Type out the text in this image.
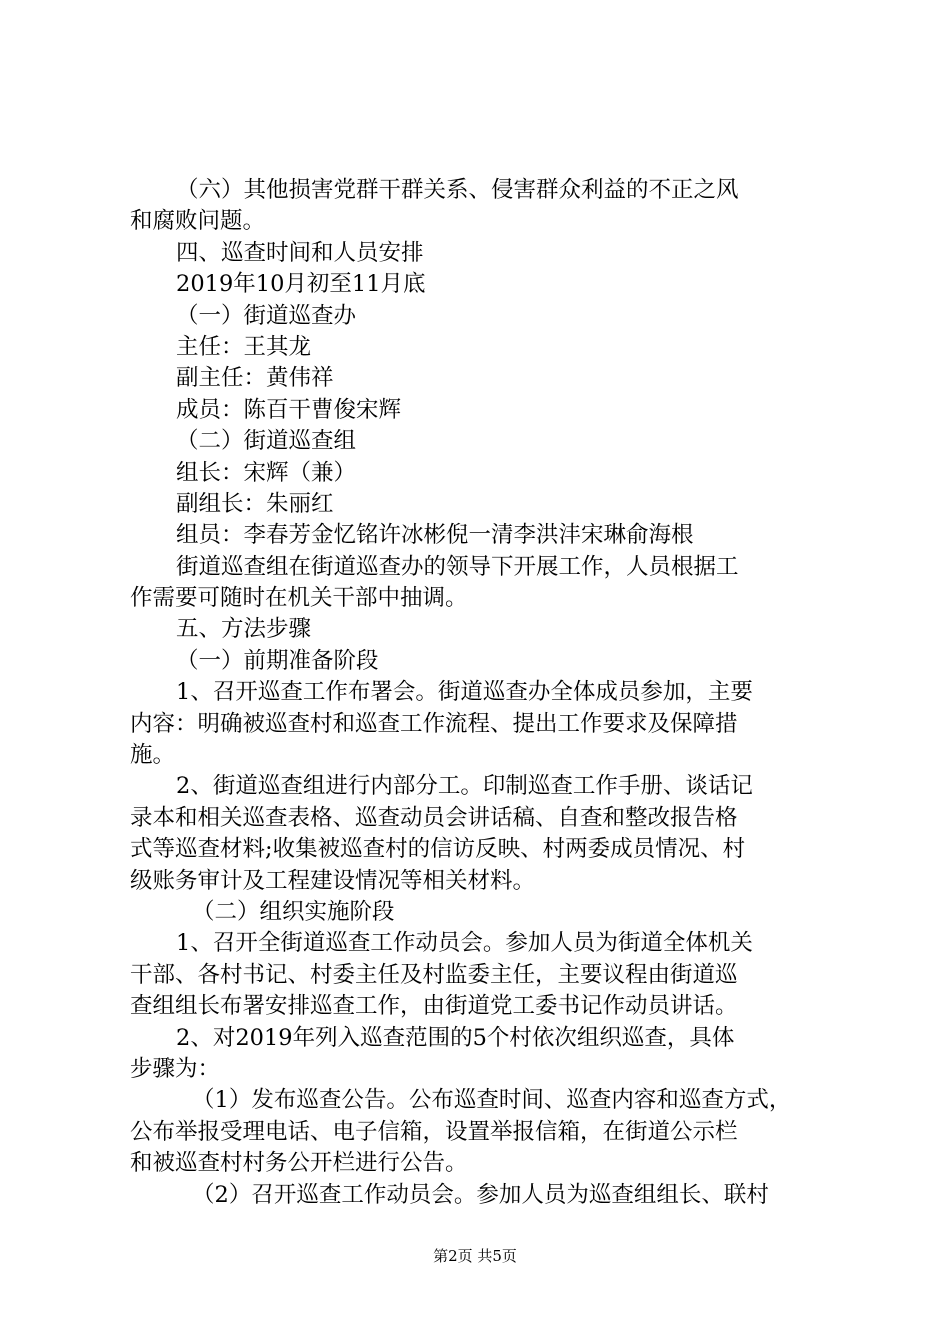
（六）其他损害党群干群关系、侵害群众利益的不正之风
和腐败问题。
四、巡查时间和人员安排
2019年10月初至11月底
（一）街道巡查办
主任：王其龙
副主任：黄伟祥
成员：陈百干曹俊宋辉
（二）街道巡查组
组长：宋辉（兼）
副组长：朱丽红
组员：李春芳金忆铭许冰彬倪一清李洪沣宋琳俞海根
街道巡查组在街道巡查办的领导下开展工作，人员根据工
作需要可随时在机关干部中抽调。
五、方法步骤
（一）前期准备阶段
1、召开巡查工作布署会。街道巡查办全体成员参加，主要
内容：明确被巡查村和巡查工作流程、提出工作要求及保障措
施。
2、街道巡查组进行内部分工。印制巡查工作手册、谈话记
录本和相关巡查表格、巡查动员会讲话稿、自查和整改报告格
式等巡查材料;收集被巡查村的信访反映、村两委成员情况、村
级账务审计及工程建设情况等相关材料。
（二）组织实施阶段
1、召开全街道巡查工作动员会。参加人员为街道全体机关
干部、各村书记、村委主任及村监委主任，主要议程由街道巡
查组组长布署安排巡查工作，由街道党工委书记作动员讲话。
2、对2019年列入巡查范围的5个村依次组织巡查，具体
步骤为：
（1）发布巡查公告。公布巡查时间、巡查内容和巡查方式，
公布举报受理电话、电子信箱，设置举报信箱，在街道公示栏
和被巡查村村务公开栏进行公告。
（2）召开巡查工作动员会。参加人员为巡查组组长、联村
第2页 共5页
